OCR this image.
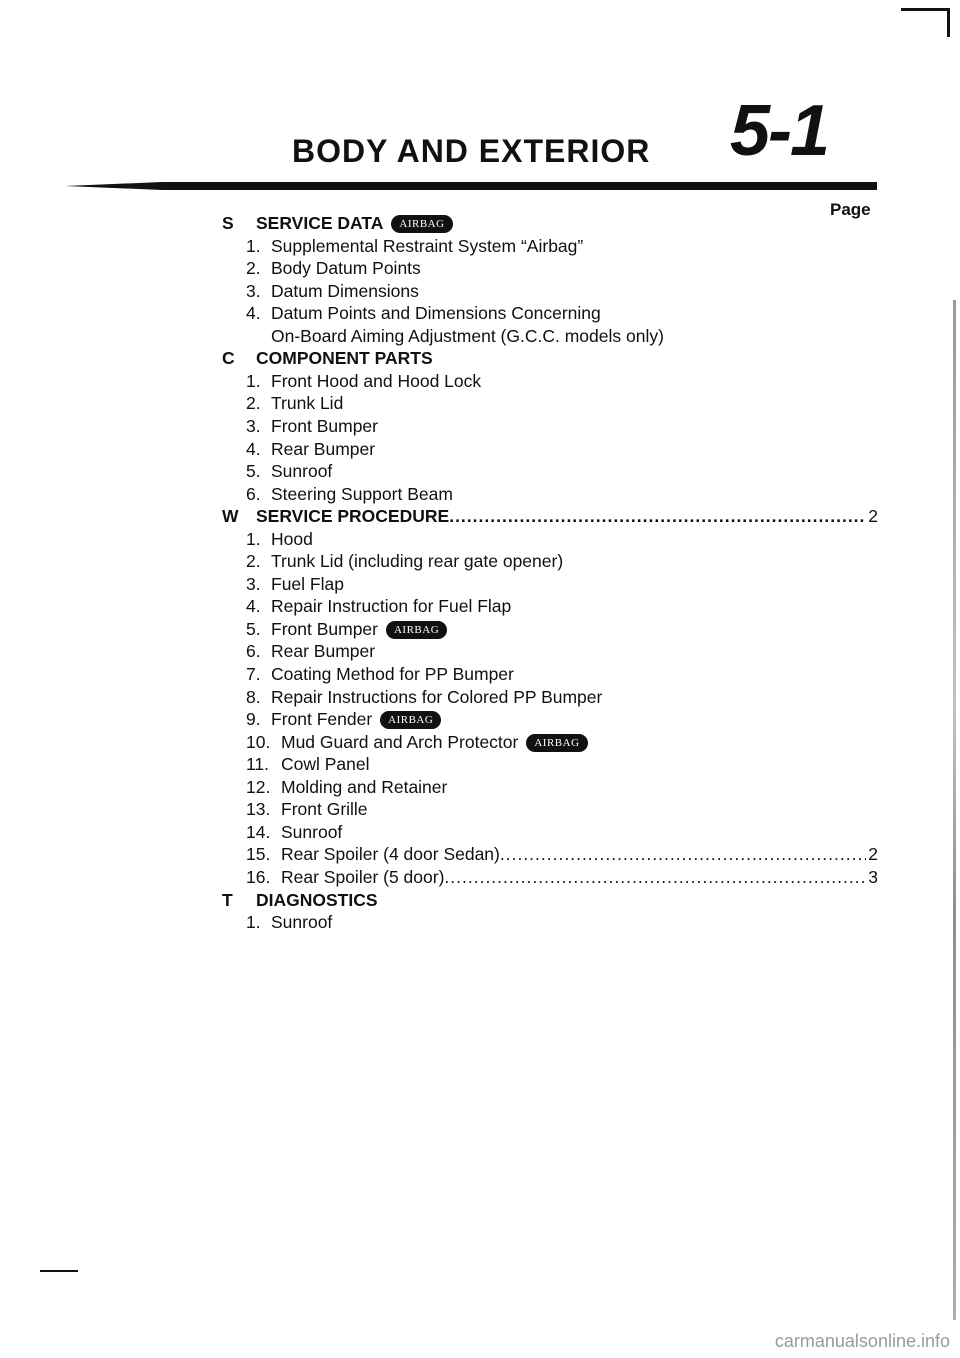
BODY AND EXTERIOR 5-1
Page
S SERVICE DATA AIRBAG
1. Supplemental Restraint System “Airbag”
2. Body Datum Points
3. Datum Dimensions
4. Datum Points and Dimensions Concerning
On-Board Aiming Adjustment (G.C.C. models only)
C COMPONENT PARTS
1. Front Hood and Hood Lock
2. Trunk Lid
3. Front Bumper
4. Rear Bumper
5. Sunroof
6. Steering Support Beam
W SERVICE PROCEDURE .....	2
1. Hood
2. Trunk Lid (including rear gate opener)
3. Fuel Flap
4. Repair Instruction for Fuel Flap
5. Front Bumper AIRBAG
6. Rear Bumper
7. Coating Method for PP Bumper
8. Repair Instructions for Colored PP Bumper
9. Front Fender AIRBAG
10. Mud Guard and Arch Protector AIRBAG
11. Cowl Panel
12. Molding and Retainer
13. Front Grille
14. Sunroof
15. Rear Spoiler (4 door Sedan) .....	2
16. Rear Spoiler (5 door) .....	3
T DIAGNOSTICS
1. Sunroof
carmanualsonline.info
